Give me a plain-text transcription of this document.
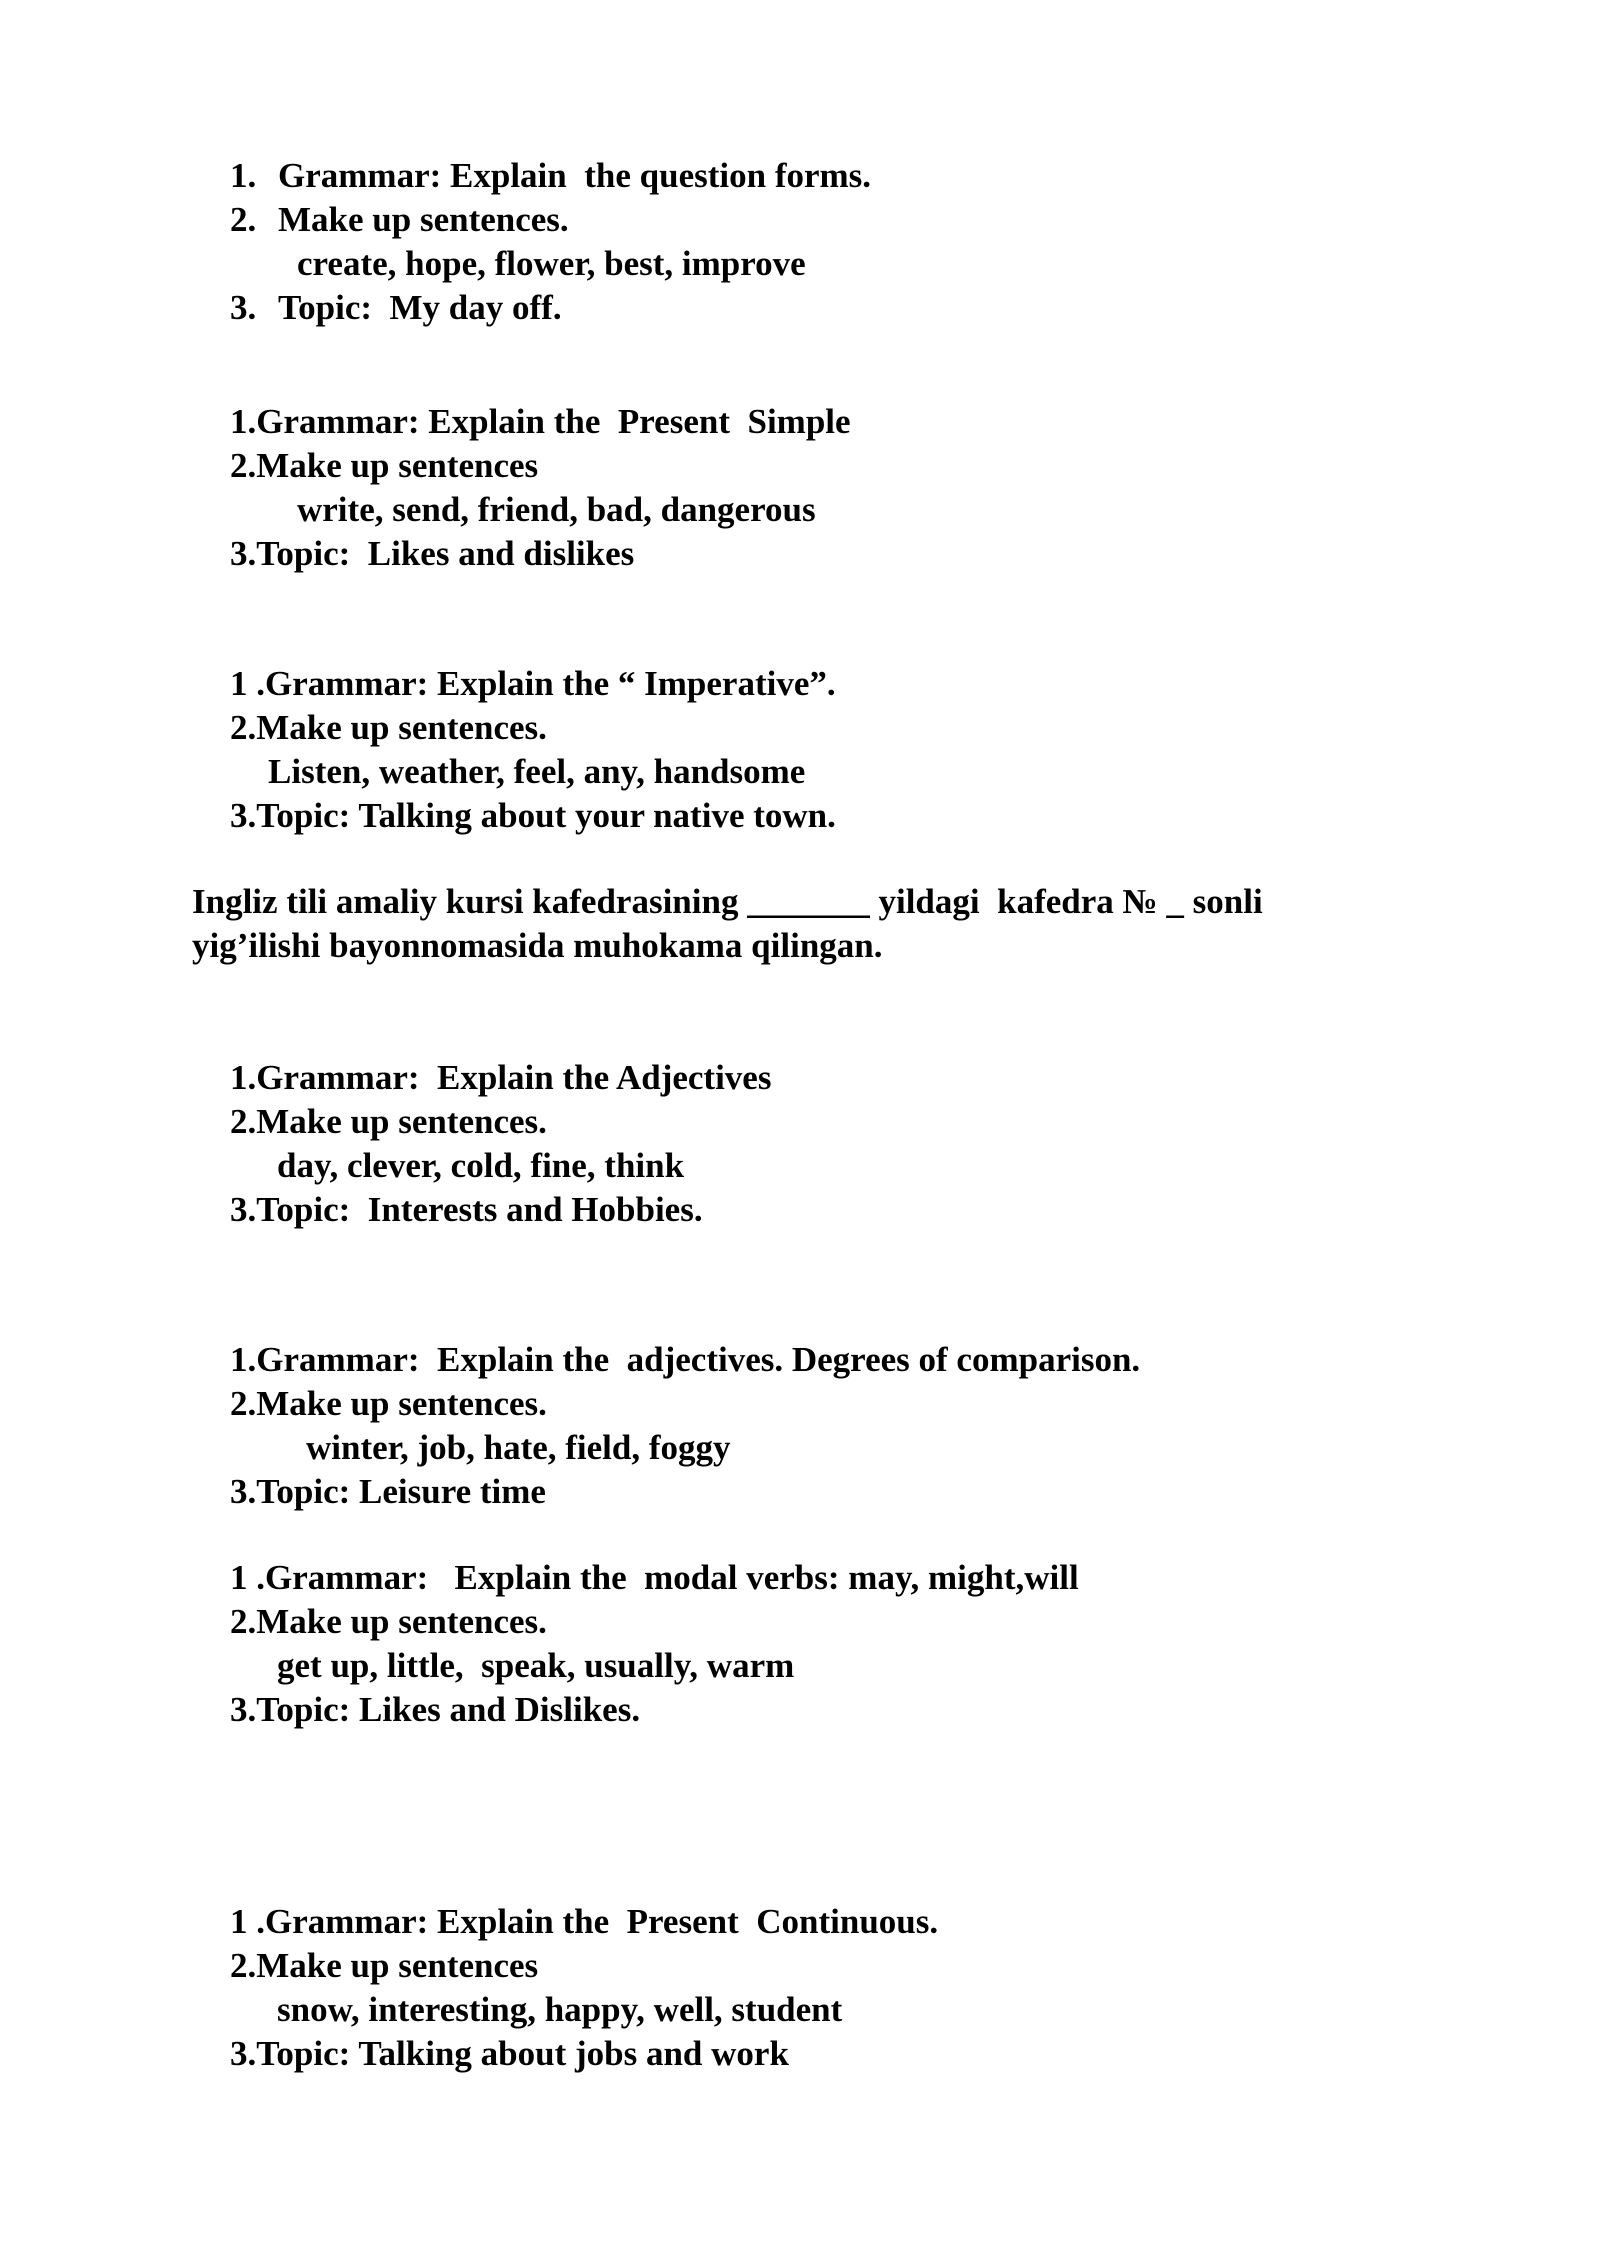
1. Grammar: Explain  the question forms.
2. Make up sentences.
create, hope, flower, best, improve
3. Topic:  My day off.
1.Grammar: Explain the  Present  Simple
2.Make up sentences
write, send, friend, bad, dangerous
3.Topic:  Likes and dislikes
1 .Grammar: Explain the “ Imperative”.
2.Make up sentences.
Listen, weather, feel, any, handsome
3.Topic: Talking about your native town.
Ingliz tili amaliy kursi kafedrasining _______ yildagi  kafedra № _ sonli
yig’ilishi bayonnomasida muhokama qilingan.
1.Grammar:  Explain the Adjectives
2.Make up sentences.
day, clever, cold, fine, think
3.Topic:  Interests and Hobbies.
1.Grammar:  Explain the  adjectives. Degrees of comparison.
2.Make up sentences.
winter, job, hate, field, foggy
3.Topic: Leisure time
1 .Grammar:   Explain the  modal verbs: may, might,will
2.Make up sentences.
get up, little,  speak, usually, warm
3.Topic: Likes and Dislikes.
1 .Grammar: Explain the  Present  Continuous.
2.Make up sentences
snow, interesting, happy, well, student
3.Topic: Talking about jobs and work
